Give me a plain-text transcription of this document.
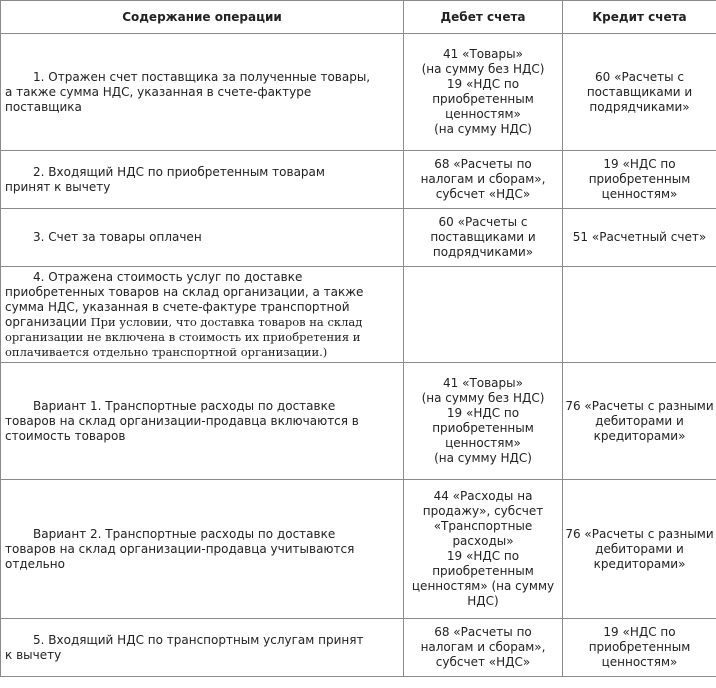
Содержание операции	Дебет счета	Кредит счета

1. Отражен счет поставщика за полученные товары, а также сумма НДС, указанная в счете-фактуре поставщика	41 «Товары»
(на сумму без НДС)
19 «НДС по приобретенным ценностям»
(на сумму НДС)	60 «Расчеты с поставщиками и подрядчиками»

2. Входящий НДС по приобретенным товарам принят к вычету	68 «Расчеты по налогам и сборам», субсчет «НДС»	19 «НДС по приобретенным ценностям»

3. Счет за товары оплачен	60 «Расчеты с поставщиками и подрядчиками»	51 «Расчетный счет»

4. Отражена стоимость услуг по доставке приобретенных товаров на склад организации, а также сумма НДС, указанная в счете-фактуре транспортной организации При условии, что доставка товаров на склад организации не включена в стоимость их приобретения и оплачивается отдельно транспортной организации.)		

Вариант 1. Транспортные расходы по доставке товаров на склад организации-продавца включаются в стоимость товаров	41 «Товары»
(на сумму без НДС)
19 «НДС по приобретенным ценностям»
(на сумму НДС)	76 «Расчеты с разными дебиторами и кредиторами»

Вариант 2. Транспортные расходы по доставке товаров на склад организации-продавца учитываются отдельно	44 «Расходы на продажу», субсчет «Транспортные расходы»
19 «НДС по приобретенным ценностям» (на сумму НДС)	76 «Расчеты с разными дебиторами и кредиторами»

5. Входящий НДС по транспортным услугам принят к вычету	68 «Расчеты по налогам и сборам», субсчет «НДС»	19 «НДС по приобретенным ценностям»
